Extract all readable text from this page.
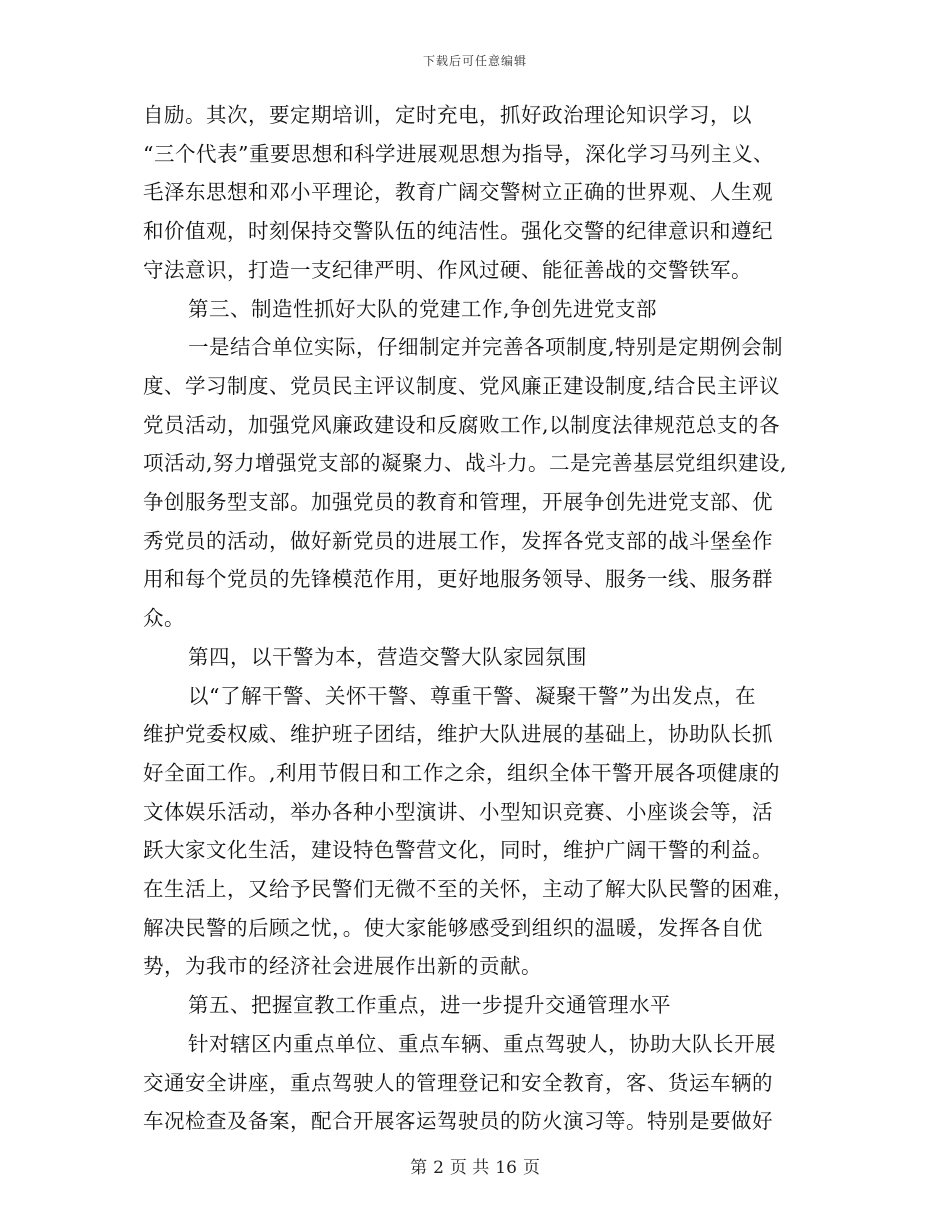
下载后可任意编辑
自励。其次，要定期培训，定时充电，抓好政治理论知识学习，以
“三个代表”重要思想和科学进展观思想为指导，深化学习马列主义、
毛泽东思想和邓小平理论，教育广阔交警树立正确的世界观、人生观
和价值观，时刻保持交警队伍的纯洁性。强化交警的纪律意识和遵纪
守法意识，打造一支纪律严明、作风过硬、能征善战的交警铁军。
第三、制造性抓好大队的党建工作,争创先进党支部
一是结合单位实际，仔细制定并完善各项制度,特别是定期例会制
度、学习制度、党员民主评议制度、党风廉正建设制度,结合民主评议
党员活动，加强党风廉政建设和反腐败工作,以制度法律规范总支的各
项活动,努力增强党支部的凝聚力、战斗力。二是完善基层党组织建设,
争创服务型支部。加强党员的教育和管理，开展争创先进党支部、优
秀党员的活动，做好新党员的进展工作，发挥各党支部的战斗堡垒作
用和每个党员的先锋模范作用，更好地服务领导、服务一线、服务群
众。
第四，以干警为本，营造交警大队家园氛围
以“了解干警、关怀干警、尊重干警、凝聚干警”为出发点，在
维护党委权威、维护班子团结，维护大队进展的基础上，协助队长抓
好全面工作。,利用节假日和工作之余，组织全体干警开展各项健康的
文体娱乐活动，举办各种小型演讲、小型知识竞赛、小座谈会等，活
跃大家文化生活，建设特色警营文化，同时，维护广阔干警的利益。
在生活上，又给予民警们无微不至的关怀，主动了解大队民警的困难，
解决民警的后顾之忧，。使大家能够感受到组织的温暖，发挥各自优
势，为我市的经济社会进展作出新的贡献。
第五、把握宣教工作重点，进一步提升交通管理水平
针对辖区内重点单位、重点车辆、重点驾驶人，协助大队长开展
交通安全讲座，重点驾驶人的管理登记和安全教育，客、货运车辆的
车况检查及备案，配合开展客运驾驶员的防火演习等。特别是要做好
第 2 页 共 16 页
